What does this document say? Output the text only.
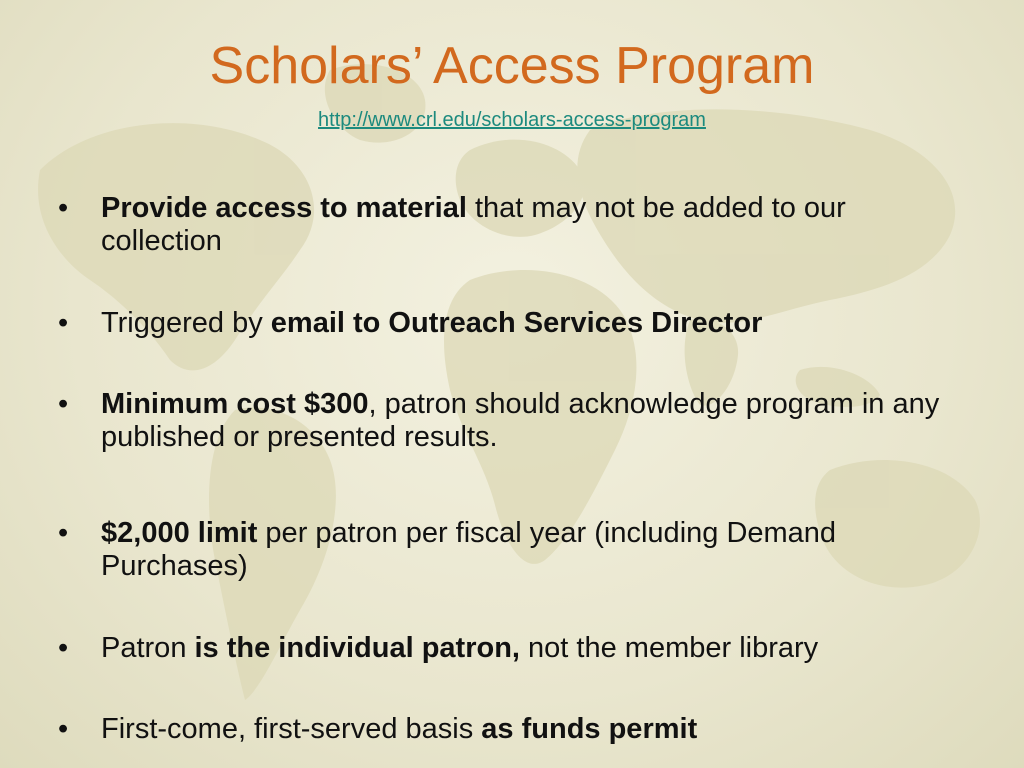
Scholars’ Access Program
http://www.crl.edu/scholars-access-program
•	Provide access to material that may not be added to our collection
•	Triggered by email to Outreach Services Director
•	Minimum cost $300, patron should acknowledge program in any published or presented results.
•	$2,000 limit per patron per fiscal year (including Demand Purchases)
•	Patron is the individual patron, not the member library
•	First-come, first-served basis as funds permit
